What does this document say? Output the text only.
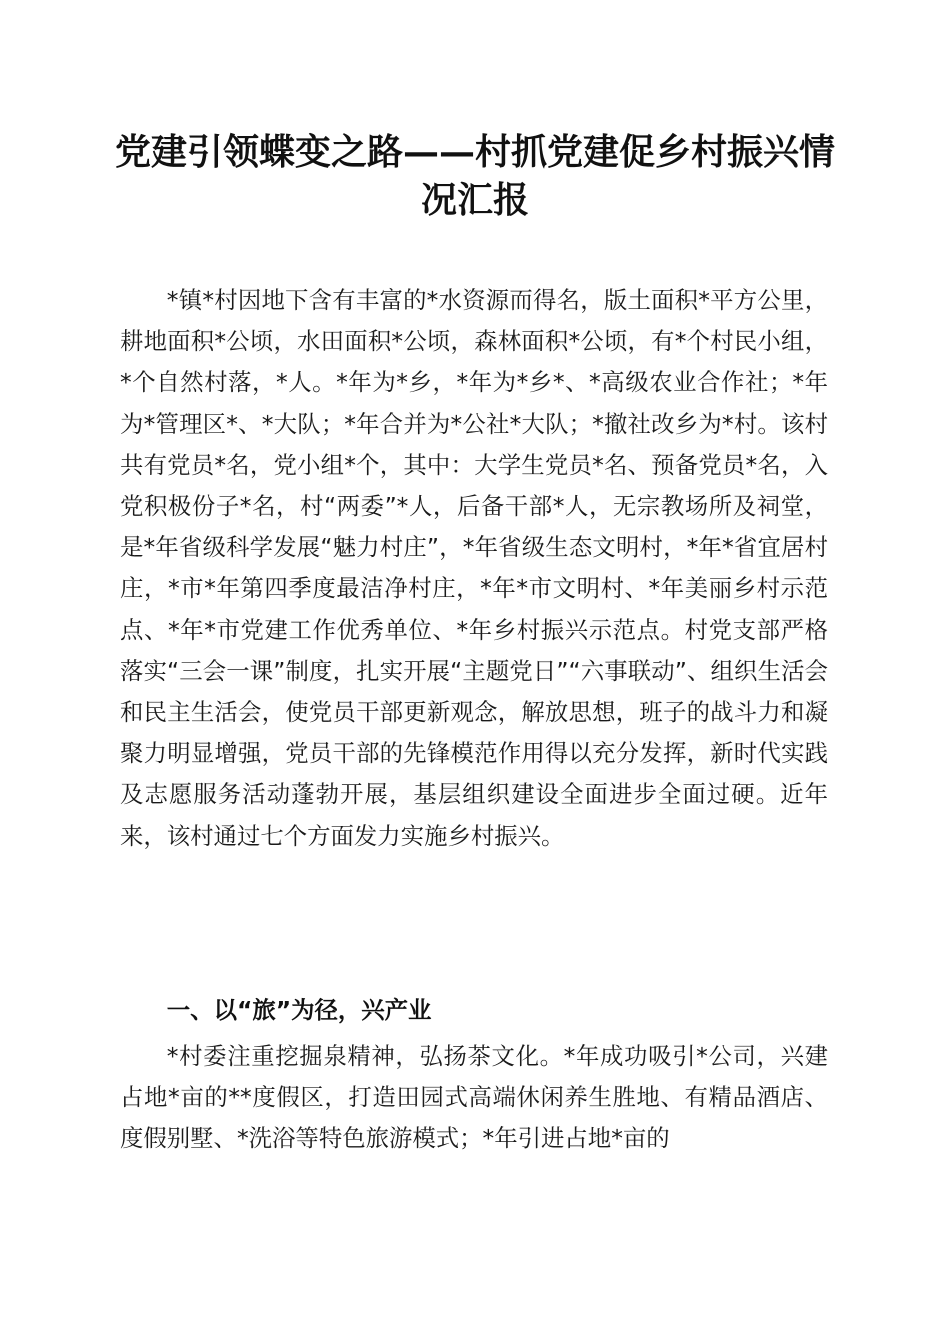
党建引领蝶变之路——村抓党建促乡村振兴情况汇报

*镇*村因地下含有丰富的*水资源而得名，版土面积*平方公里，耕地面积*公顷，水田面积*公顷，森林面积*公顷，有*个村民小组，*个自然村落，*人。*年为*乡，*年为*乡*、*高级农业合作社；*年为*管理区*、*大队；*年合并为*公社*大队；*撤社改乡为*村。该村共有党员*名，党小组*个，其中：大学生党员*名、预备党员*名，入党积极份子*名，村“两委”*人，后备干部*人，无宗教场所及祠堂，是*年省级科学发展“魅力村庄”，*年省级生态文明村，*年*省宜居村庄，*市*年第四季度最洁净村庄，*年*市文明村、*年美丽乡村示范点、*年*市党建工作优秀单位、*年乡村振兴示范点。村党支部严格落实“三会一课”制度，扎实开展“主题党日”“六事联动”、组织生活会和民主生活会，使党员干部更新观念，解放思想，班子的战斗力和凝聚力明显增强，党员干部的先锋模范作用得以充分发挥，新时代实践及志愿服务活动蓬勃开展，基层组织建设全面进步全面过硬。近年来，该村通过七个方面发力实施乡村振兴。

一、以“旅”为径，兴产业

*村委注重挖掘泉精神，弘扬茶文化。*年成功吸引*公司，兴建占地*亩的**度假区，打造田园式高端休闲养生胜地、有精品酒店、度假别墅、*洗浴等特色旅游模式；*年引进占地*亩的
